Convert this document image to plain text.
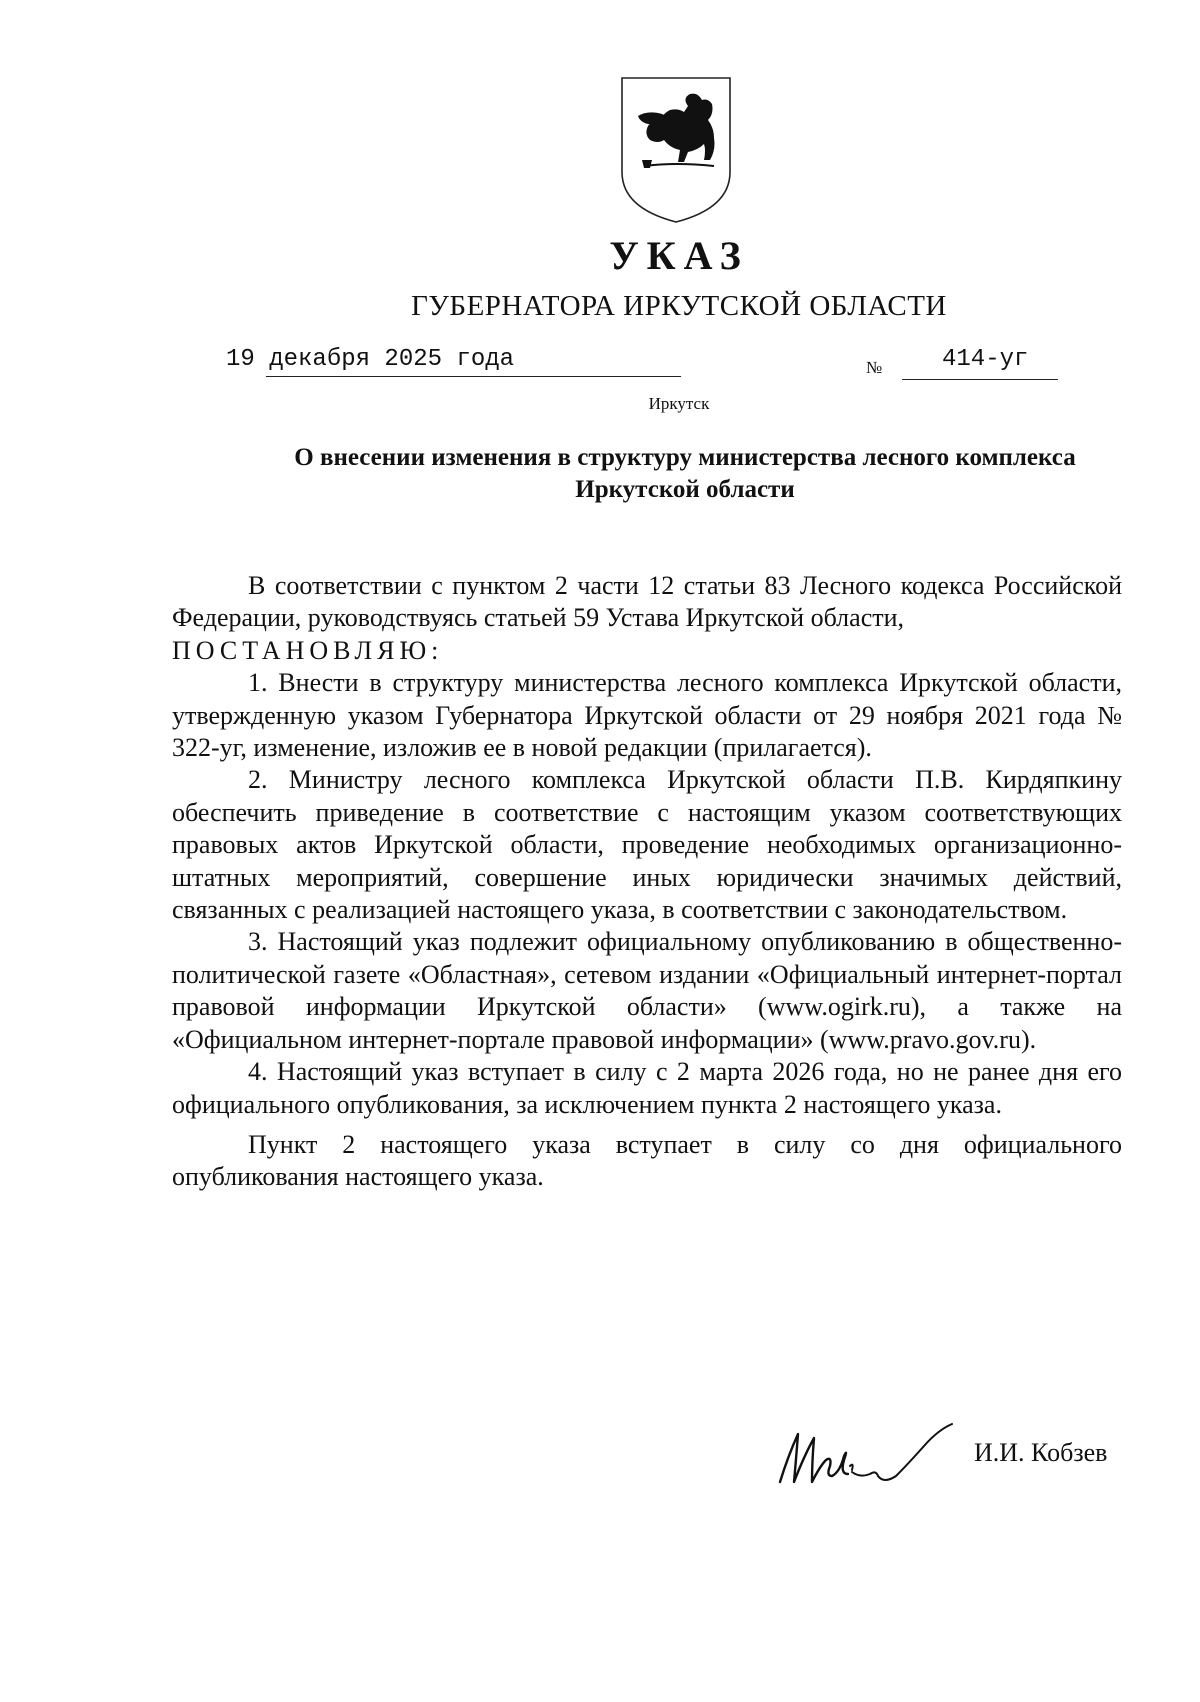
УКАЗ
ГУБЕРНАТОРА ИРКУТСКОЙ ОБЛАСТИ
19 декабря 2025 года	№ 414-уг
Иркутск
О внесении изменения в структуру министерства лесного комплекса
Иркутской области

В соответствии с пунктом 2 части 12 статьи 83 Лесного кодекса Российской Федерации, руководствуясь статьей 59 Устава Иркутской области,

ПОСТАНОВЛЯЮ:

1. Внести в структуру министерства лесного комплекса Иркутской области, утвержденную указом Губернатора Иркутской области от 29 ноября 2021 года № 322-уг, изменение, изложив ее в новой редакции (прилагается).

2. Министру лесного комплекса Иркутской области П.В. Кирдяпкину обеспечить приведение в соответствие с настоящим указом соответствующих правовых актов Иркутской области, проведение необходимых организационно-штатных мероприятий, совершение иных юридически значимых действий, связанных с реализацией настоящего указа, в соответствии с законодательством.

3. Настоящий указ подлежит официальному опубликованию в общественно-политической газете «Областная», сетевом издании «Официальный интернет-портал правовой информации Иркутской области» (www.ogirk.ru), а также на «Официальном интернет-портале правовой информации» (www.pravo.gov.ru).

4. Настоящий указ вступает в силу с 2 марта 2026 года, но не ранее дня его официального опубликования, за исключением пункта 2 настоящего указа.

Пункт 2 настоящего указа вступает в силу со дня официального опубликования настоящего указа.

И.И. Кобзев
